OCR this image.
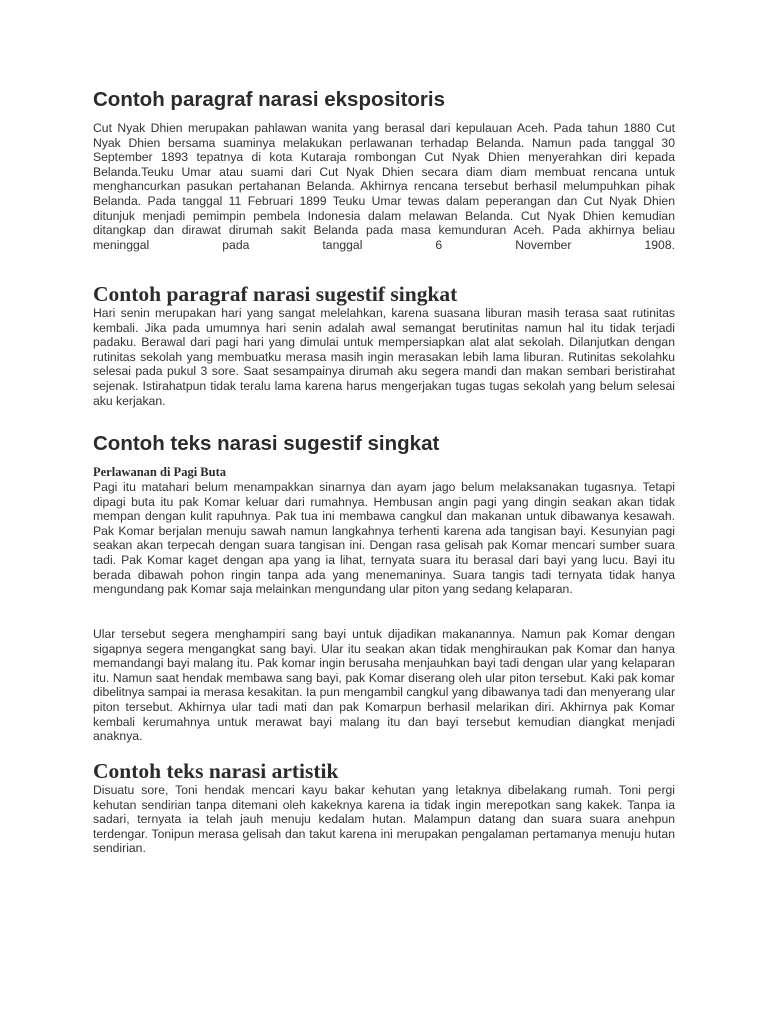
Contoh paragraf narasi ekspositoris

Cut Nyak Dhien merupakan pahlawan wanita yang berasal dari kepulauan Aceh. Pada tahun 1880 Cut Nyak Dhien bersama suaminya melakukan perlawanan terhadap Belanda. Namun pada tanggal 30 September 1893 tepatnya di kota Kutaraja rombongan Cut Nyak Dhien menyerahkan diri kepada Belanda.Teuku Umar atau suami dari Cut Nyak Dhien secara diam diam membuat rencana untuk menghancurkan pasukan pertahanan Belanda. Akhirnya rencana tersebut berhasil melumpuhkan pihak Belanda. Pada tanggal 11 Februari 1899 Teuku Umar tewas dalam peperangan dan Cut Nyak Dhien ditunjuk menjadi pemimpin pembela Indonesia dalam melawan Belanda. Cut Nyak Dhien kemudian ditangkap dan dirawat dirumah sakit Belanda pada masa kemunduran Aceh. Pada akhirnya beliau meninggal pada tanggal 6 November 1908.

Contoh paragraf narasi sugestif singkat

Hari senin merupakan hari yang sangat melelahkan, karena suasana liburan masih terasa saat rutinitas kembali. Jika pada umumnya hari senin adalah awal semangat berutinitas namun hal itu tidak terjadi padaku. Berawal dari pagi hari yang dimulai untuk mempersiapkan alat alat sekolah. Dilanjutkan dengan rutinitas sekolah yang membuatku merasa masih ingin merasakan lebih lama liburan. Rutinitas sekolahku selesai pada pukul 3 sore. Saat sesampainya dirumah aku segera mandi dan makan sembari beristirahat sejenak. Istirahatpun tidak teralu lama karena harus mengerjakan tugas tugas sekolah yang belum selesai aku kerjakan.

Contoh teks narasi sugestif singkat

Perlawanan di Pagi Buta

Pagi itu matahari belum menampakkan sinarnya dan ayam jago belum melaksanakan tugasnya. Tetapi dipagi buta itu pak Komar keluar dari rumahnya. Hembusan angin pagi yang dingin seakan akan tidak mempan dengan kulit rapuhnya. Pak tua ini membawa cangkul dan makanan untuk dibawanya kesawah. Pak Komar berjalan menuju sawah namun langkahnya terhenti karena ada tangisan bayi. Kesunyian pagi seakan akan terpecah dengan suara tangisan ini. Dengan rasa gelisah pak Komar mencari sumber suara tadi. Pak Komar kaget dengan apa yang ia lihat, ternyata suara itu berasal dari bayi yang lucu. Bayi itu berada dibawah pohon ringin tanpa ada yang menemaninya. Suara tangis tadi ternyata tidak hanya mengundang pak Komar saja melainkan mengundang ular piton yang sedang kelaparan.

Ular tersebut segera menghampiri sang bayi untuk dijadikan makanannya. Namun pak Komar dengan sigapnya segera mengangkat sang bayi. Ular itu seakan akan tidak menghiraukan pak Komar dan hanya memandangi bayi malang itu. Pak komar ingin berusaha menjauhkan bayi tadi dengan ular yang kelaparan itu. Namun saat hendak membawa sang bayi, pak Komar diserang oleh ular piton tersebut. Kaki pak komar dibelitnya sampai ia merasa kesakitan. Ia pun mengambil cangkul yang dibawanya tadi dan menyerang ular piton tersebut. Akhirnya ular tadi mati dan pak Komarpun berhasil melarikan diri. Akhirnya pak Komar kembali kerumahnya untuk merawat bayi malang itu dan bayi tersebut kemudian diangkat menjadi anaknya.

Contoh teks narasi artistik

Disuatu sore, Toni hendak mencari kayu bakar kehutan yang letaknya dibelakang rumah. Toni pergi kehutan sendirian tanpa ditemani oleh kakeknya karena ia tidak ingin merepotkan sang kakek. Tanpa ia sadari, ternyata ia telah jauh menuju kedalam hutan. Malampun datang dan suara suara anehpun terdengar. Tonipun merasa gelisah dan takut karena ini merupakan pengalaman pertamanya menuju hutan sendirian.
